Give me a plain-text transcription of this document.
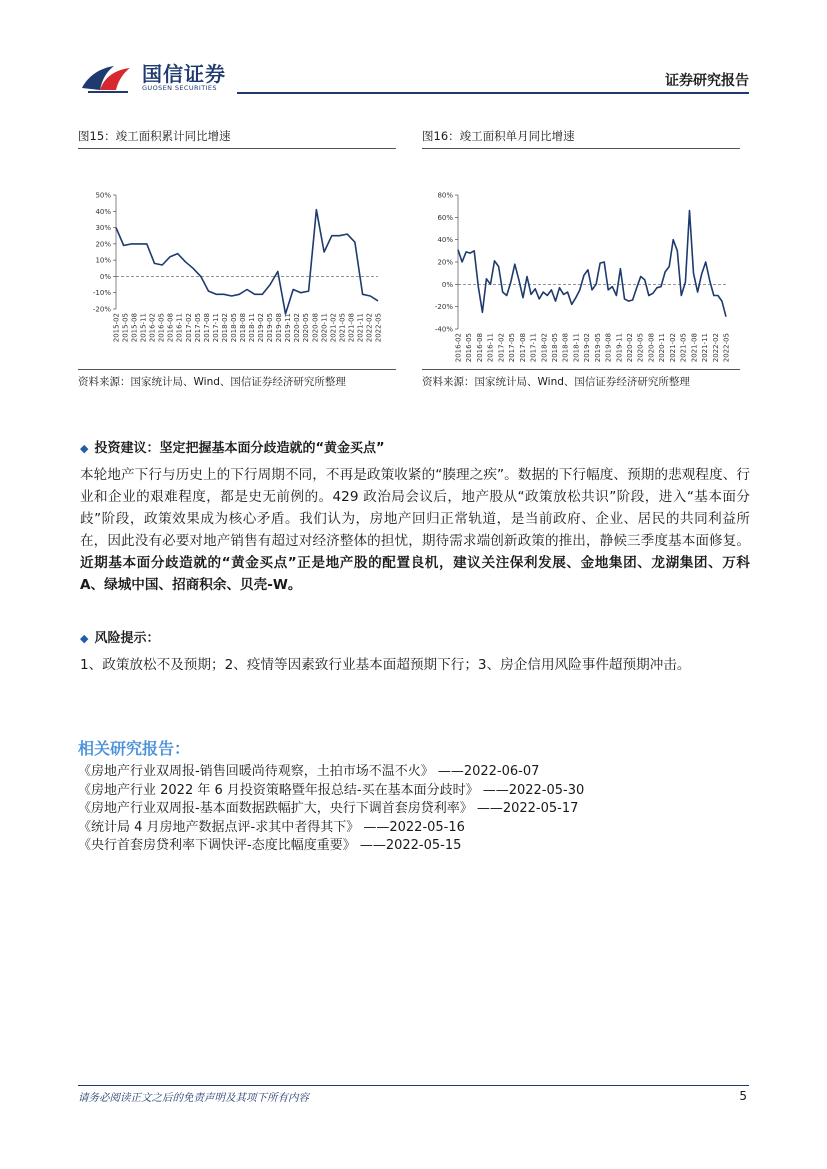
国信证券
GUOSEN SECURITIES	证券研究报告
图15：竣工面积累计同比增速
50%
40%
30%
20%
10%
0%
-10%
-20%
2015-02 2015-05 2015-08 2015-11 2016-02 2016-05 2016-08 2016-11 2017-02 2017-05 2017-08 2017-11 2018-02 2018-05 2018-08 2018-11 2019-02 2019-05 2019-08 2019-11 2020-02 2020-05 2020-08 2020-11 2021-02 2021-05 2021-08 2021-11 2022-02 2022-05
资料来源：国家统计局、Wind、国信证券经济研究所整理
图16：竣工面积单月同比增速
80%
60%
40%
20%
0%
-20%
-40%
2016-02 2016-05 2016-08 2016-11 2017-02 2017-05 2017-08 2017-11 2018-02 2018-05 2018-08 2018-11 2019-02 2019-05 2019-08 2019-11 2020-02 2020-05 2020-08 2020-11 2021-02 2021-05 2021-08 2021-11 2022-02 2022-05
资料来源：国家统计局、Wind、国信证券经济研究所整理
◆ 投资建议：坚定把握基本面分歧造就的“黄金买点”
本轮地产下行与历史上的下行周期不同，不再是政策收紧的“腠理之疾”。数据的下行幅度、预期的悲观程度、行业和企业的艰难程度，都是史无前例的。429 政治局会议后，地产股从“政策放松共识”阶段，进入“基本面分歧”阶段，政策效果成为核心矛盾。我们认为，房地产回归正常轨道，是当前政府、企业、居民的共同利益所在，因此没有必要对地产销售有超过对经济整体的担忧，期待需求端创新政策的推出，静候三季度基本面修复。近期基本面分歧造就的“黄金买点”正是地产股的配置良机，建议关注保利发展、金地集团、龙湖集团、万科 A、绿城中国、招商积余、贝壳-W。
◆ 风险提示：
1、政策放松不及预期；2、疫情等因素致行业基本面超预期下行；3、房企信用风险事件超预期冲击。
相关研究报告：
《房地产行业双周报-销售回暖尚待观察，土拍市场不温不火》 ——2022-06-07
《房地产行业 2022 年 6 月投资策略暨年报总结-买在基本面分歧时》 ——2022-05-30
《房地产行业双周报-基本面数据跌幅扩大，央行下调首套房贷利率》 ——2022-05-17
《统计局 4 月房地产数据点评-求其中者得其下》 ——2022-05-16
《央行首套房贷利率下调快评-态度比幅度重要》 ——2022-05-15
请务必阅读正文之后的免责声明及其项下所有内容	5
